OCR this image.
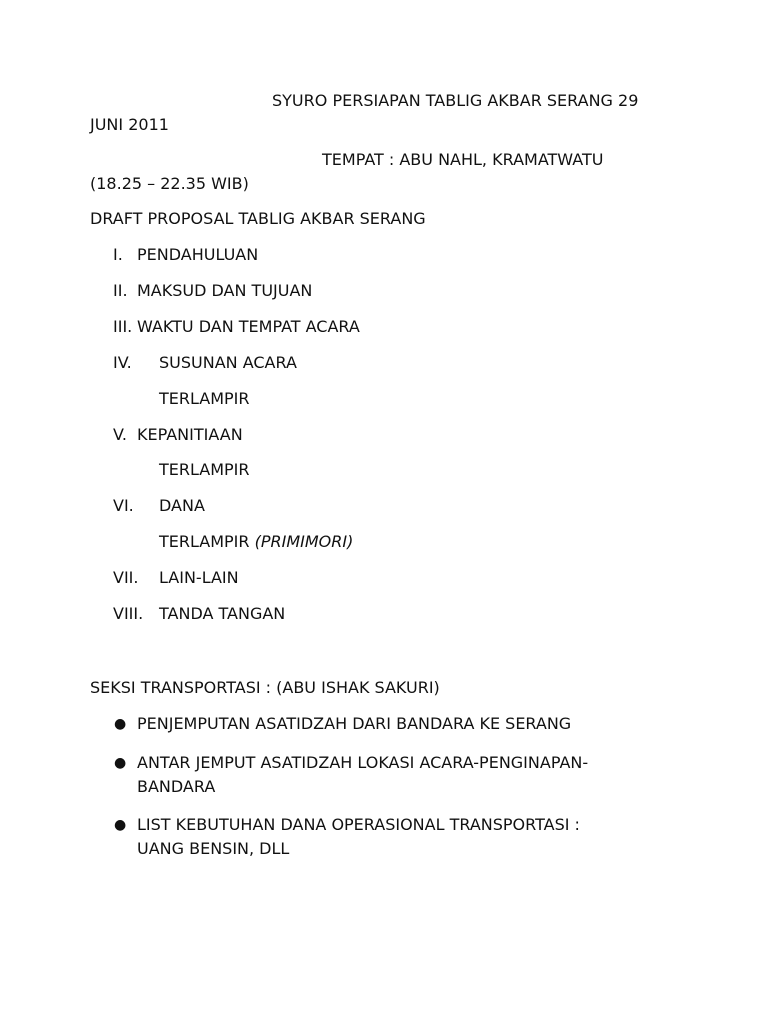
SYURO PERSIAPAN TABLIG AKBAR SERANG 29
JUNI 2011
TEMPAT : ABU NAHL, KRAMATWATU
(18.25 – 22.35 WIB)
DRAFT PROPOSAL TABLIG AKBAR SERANG
I. PENDAHULUAN
II. MAKSUD DAN TUJUAN
III. WAKTU DAN TEMPAT ACARA
IV. SUSUNAN ACARA
TERLAMPIR
V. KEPANITIAAN
TERLAMPIR
VI. DANA
TERLAMPIR (PRIMIMORI)
VII. LAIN-LAIN
VIII. TANDA TANGAN
SEKSI TRANSPORTASI : (ABU ISHAK SAKURI)
● PENJEMPUTAN ASATIDZAH DARI BANDARA KE SERANG
● ANTAR JEMPUT ASATIDZAH LOKASI ACARA-PENGINAPAN-
BANDARA
● LIST KEBUTUHAN DANA OPERASIONAL TRANSPORTASI :
UANG BENSIN, DLL
